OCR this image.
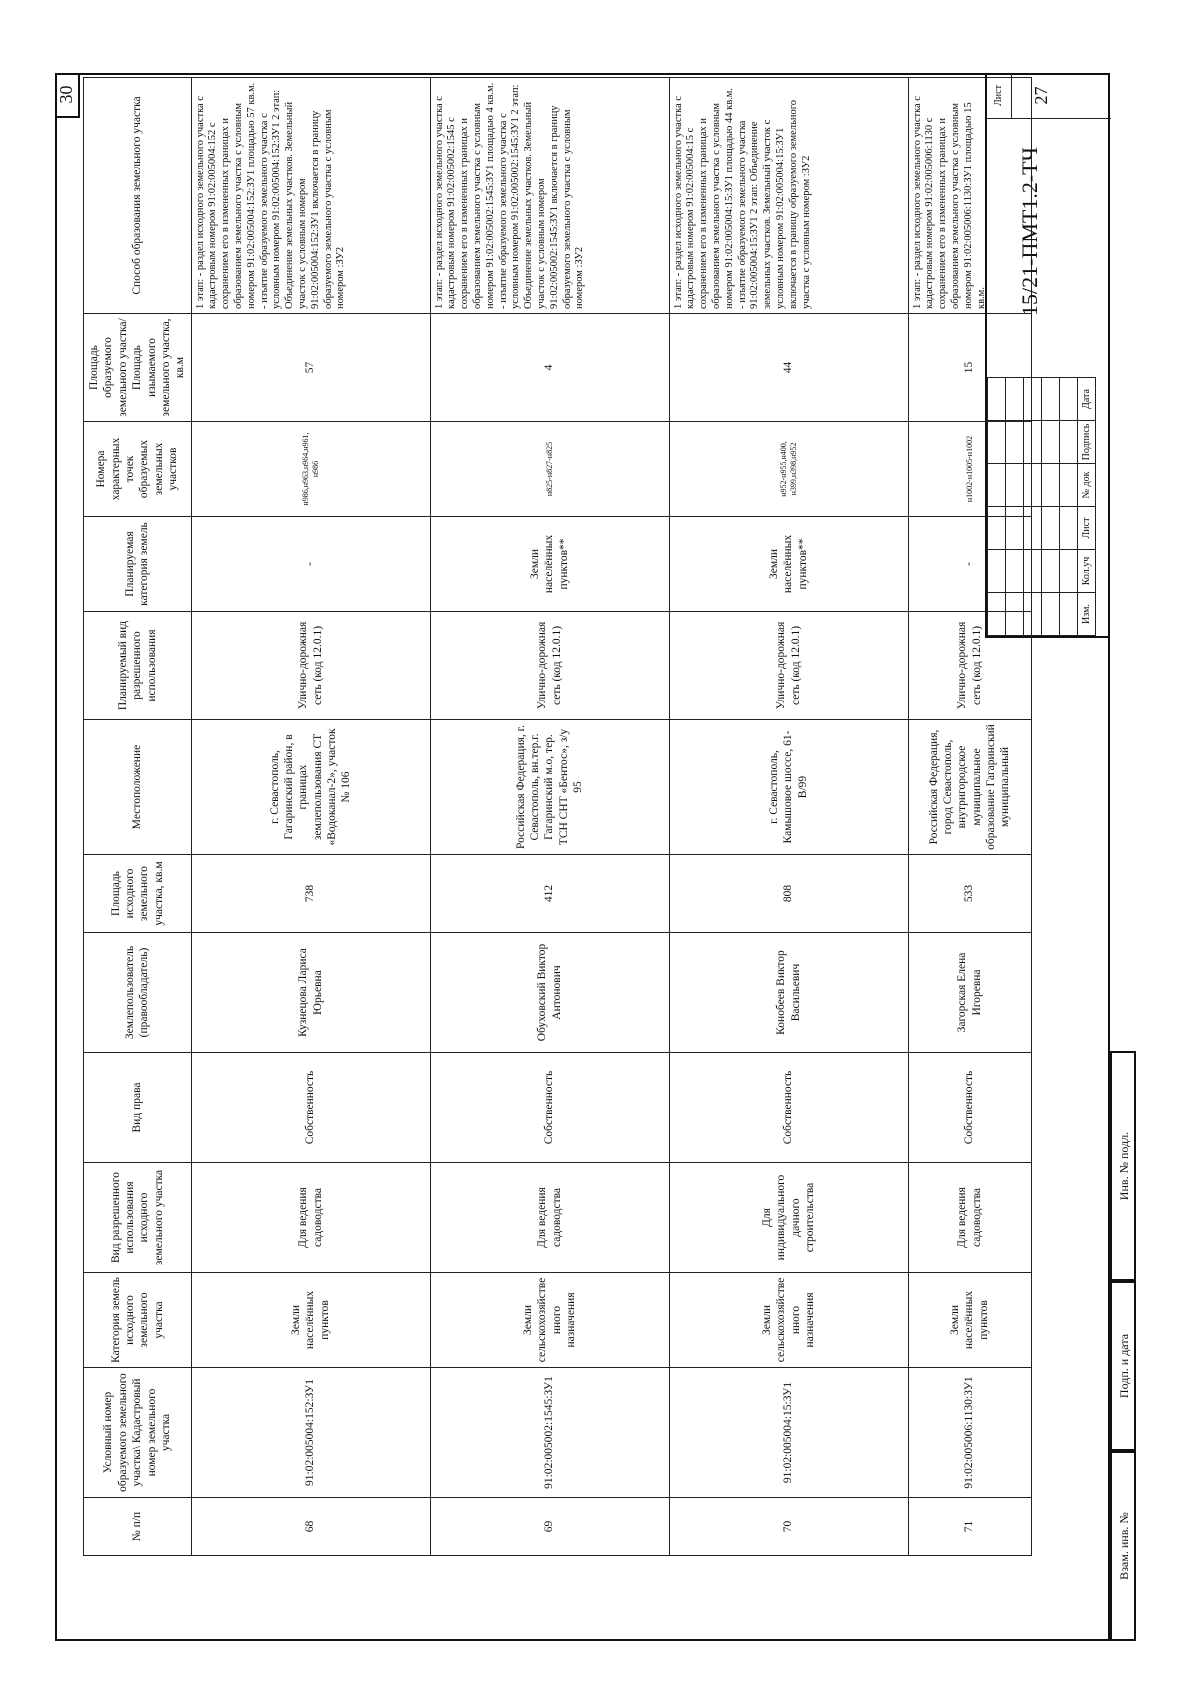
30
№ п/п	Условный номер образуемого земельного участка\ Кадастровый номер земельного участка	Категория земель исходного земельного участка	Вид разрешенного использования исходного земельного участка	Вид права	Землепользователь (правообладатель)	Площадь исходного земельного участка, кв.м	Местоположение	Планируемый вид разрешенного использования	Планируемая категория земель	Номера характерных точек образуемых земельных участков	Площадь образуемого земельного участка/Площадь изымаемого земельного участка, кв.м	Способ образования земельного участка
68	91:02:005004:152:ЗУ1	Земли населённых пунктов	Для ведения садоводства	Собственность	Кузнецова Лариса Юрьевна	738	г. Севастополь, Гагаринский район, в границах землепользования СТ «Водоканал-2», участок № 106	Улично-дорожная сеть (код 12.0.1)	-	н986,н963,н964,н961, н986	57	1 этап: - раздел исходного земельного участка с кадастровым номером 91:02:005004:152 с сохранением его в измененных границах и образованием земельного участка с условным номером 91:02:005004:152:ЗУ1 площадью 57 кв.м. - изъятие образуемого земельного участка с условным номером 91:02:005004:152:ЗУ1 2 этап: Объединение земельных участков. Земельный участок с условным номером 91:02:005004:152:ЗУ1 включается в границу образуемого земельного участка с условным номером :ЗУ2
69	91:02:005002:1545:ЗУ1	Земли сельскохозяйственного назначения	Для ведения садоводства	Собственность	Обуховский Виктор Антонович	412	Российская Федерация, г. Севастополь, вн.тер.г. Гагаринский м.о, тер. ТСН СНТ «Бентос», з/у 95	Улично-дорожная сеть (код 12.0.1)	Земли населённых пунктов**	н825-н827-н825	4	1 этап: - раздел исходного земельного участка с кадастровым номером 91:02:005002:1545 с сохранением его в измененных границах и образованием земельного участка с условным номером 91:02:005002:1545:ЗУ1 площадью 4 кв.м. - изъятие образуемого земельного участка с условным номером 91:02:005002:1545:ЗУ1 2 этап: Объединение земельных участков. Земельный участок с условным номером 91:02:005002:1545:ЗУ1 включается в границу образуемого земельного участка с условным номером :ЗУ2
70	91:02:005004:15:ЗУ1	Земли сельскохозяйственного назначения	Для индивидуального дачного строительства	Собственность	Конобеев Виктор Васильевич	808	г. Севастополь, Камышовое шоссе, 61-В/99	Улично-дорожная сеть (код 12.0.1)	Земли населённых пунктов**	н952-н955,н400, н399,н398,н952	44	1 этап: - раздел исходного земельного участка с кадастровым номером 91:02:005004:15 с сохранением его в измененных границах и образованием земельного участка с условным номером 91:02:005004:15:ЗУ1 площадью 44 кв.м. - изъятие образуемого земельного участка 91:02:005004:15:ЗУ1 2 этап: Объединение земельных участков. Земельный участок с условным номером 91:02:005004:15:ЗУ1 включается в границу образуемого земельного участка с условным номером :ЗУ2
71	91:02:005006:1130:ЗУ1	Земли населённых пунктов	Для ведения садоводства	Собственность	Загорская Елена Игоревна	533	Российская Федерация, город Севастополь, внутригородское муниципальное образование Гагаринский муниципальный	Улично-дорожная сеть (код 12.0.1)	-	н1002-н1005-н1002	15	1 этап: - раздел исходного земельного участка с кадастровым номером 91:02:005006:1130 с сохранением его в измененных границах и образованием земельного участка с условным номером 91:02:005006:1130:ЗУ1 площадью 15 кв.м.

Изм.	Кол.уч	Лист	№ док	Подпись	Дата
15/21-ПМТ1.2-ТЧ
Лист	27
Взам. инв. №
Подп. и дата
Инв. № подл.
